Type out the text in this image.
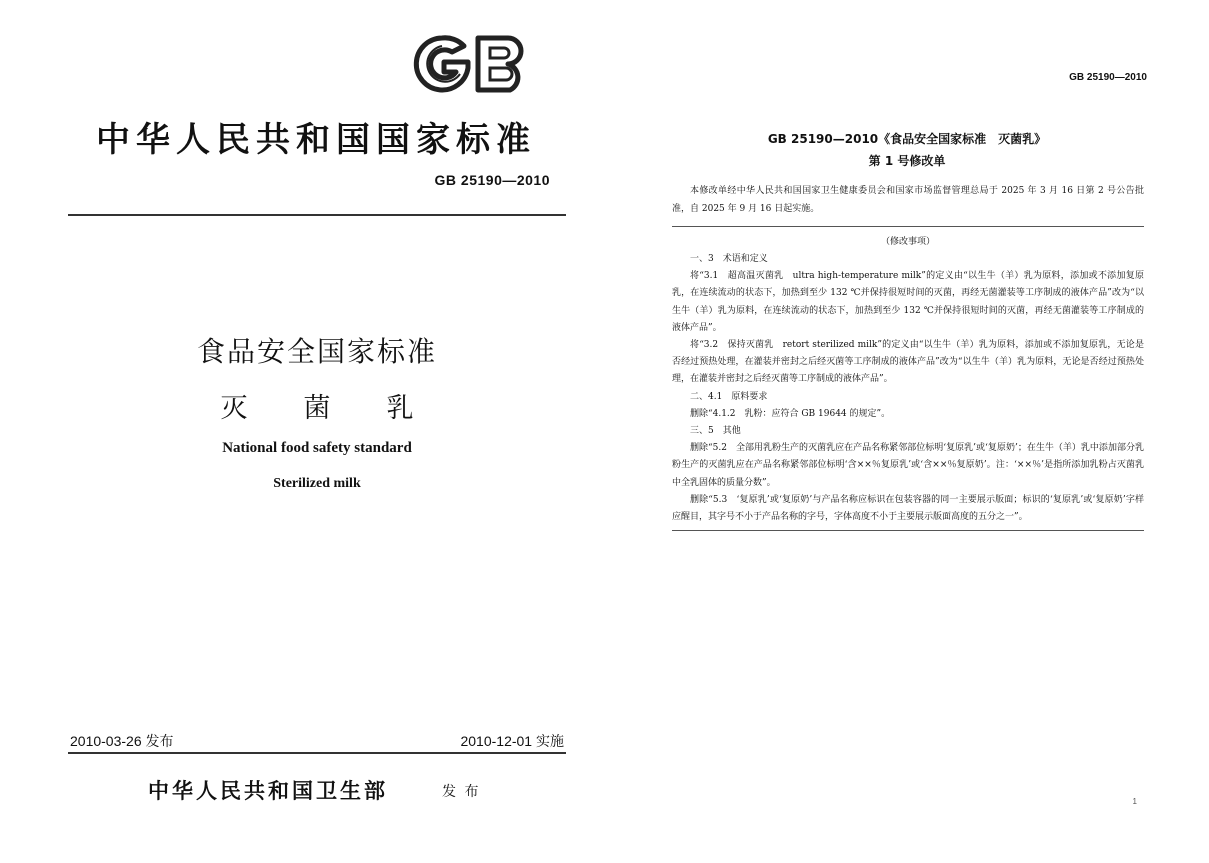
中华人民共和国国家标准
GB 25190—2010
食品安全国家标准
灭 菌 乳
National food safety standard
Sterilized milk
2010-03-26 发布	2010-12-01 实施
中华人民共和国卫生部	发 布
GB 25190—2010
GB 25190—2010《食品安全国家标准　灭菌乳》
第 1 号修改单
本修改单经中华人民共和国国家卫生健康委员会和国家市场监督管理总局于 2025 年 3 月 16 日第 2 号公告批准，自 2025 年 9 月 16 日起实施。
（修改事项）
一、3　术语和定义
将“3.1　超高温灭菌乳　ultra high-temperature milk”的定义由“以生牛（羊）乳为原料，添加或不添加复原乳，在连续流动的状态下，加热到至少 132 ℃并保持很短时间的灭菌，再经无菌灌装等工序制成的液体产品”改为“以生牛（羊）乳为原料，在连续流动的状态下，加热到至少 132 ℃并保持很短时间的灭菌，再经无菌灌装等工序制成的液体产品”。
将“3.2　保持灭菌乳　retort sterilized milk”的定义由“以生牛（羊）乳为原料，添加或不添加复原乳，无论是否经过预热处理，在灌装并密封之后经灭菌等工序制成的液体产品”改为“以生牛（羊）乳为原料，无论是否经过预热处理，在灌装并密封之后经灭菌等工序制成的液体产品”。
二、4.1　原料要求
删除“4.1.2　乳粉：应符合 GB 19644 的规定”。
三、5　其他
删除“5.2　全部用乳粉生产的灭菌乳应在产品名称紧邻部位标明‘复原乳’或‘复原奶’；在生牛（羊）乳中添加部分乳粉生产的灭菌乳应在产品名称紧邻部位标明‘含××％复原乳’或‘含××％复原奶’。注：‘××％’是指所添加乳粉占灭菌乳中全乳固体的质量分数”。
删除“5.3　‘复原乳’或‘复原奶’与产品名称应标识在包装容器的同一主要展示版面；标识的‘复原乳’或‘复原奶’字样应醒目，其字号不小于产品名称的字号，字体高度不小于主要展示版面高度的五分之一”。
1
